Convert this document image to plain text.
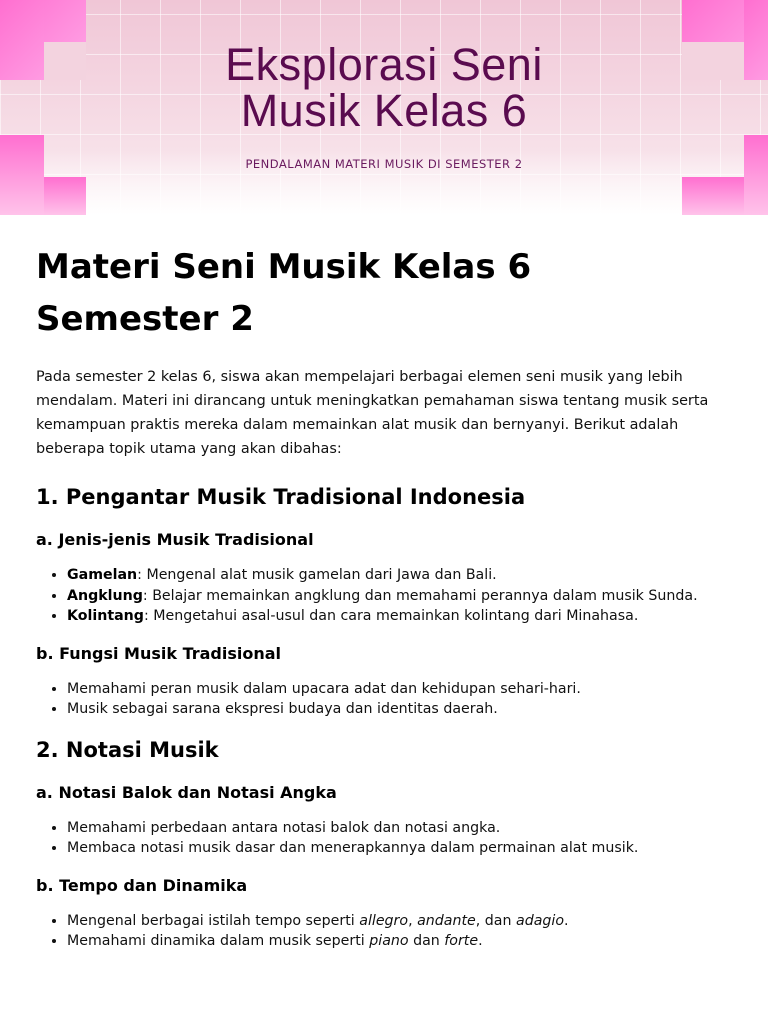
Eksplorasi Seni
Musik Kelas 6
PENDALAMAN MATERI MUSIK DI SEMESTER 2
Materi Seni Musik Kelas 6
Semester 2

Pada semester 2 kelas 6, siswa akan mempelajari berbagai elemen seni musik yang lebih mendalam. Materi ini dirancang untuk meningkatkan pemahaman siswa tentang musik serta kemampuan praktis mereka dalam memainkan alat musik dan bernyanyi. Berikut adalah beberapa topik utama yang akan dibahas:

1. Pengantar Musik Tradisional Indonesia
a. Jenis-jenis Musik Tradisional
• Gamelan: Mengenal alat musik gamelan dari Jawa dan Bali.
• Angklung: Belajar memainkan angklung dan memahami perannya dalam musik Sunda.
• Kolintang: Mengetahui asal-usul dan cara memainkan kolintang dari Minahasa.
b. Fungsi Musik Tradisional
• Memahami peran musik dalam upacara adat dan kehidupan sehari-hari.
• Musik sebagai sarana ekspresi budaya dan identitas daerah.
2. Notasi Musik
a. Notasi Balok dan Notasi Angka
• Memahami perbedaan antara notasi balok dan notasi angka.
• Membaca notasi musik dasar dan menerapkannya dalam permainan alat musik.
b. Tempo dan Dinamika
• Mengenal berbagai istilah tempo seperti allegro, andante, dan adagio.
• Memahami dinamika dalam musik seperti piano dan forte.
